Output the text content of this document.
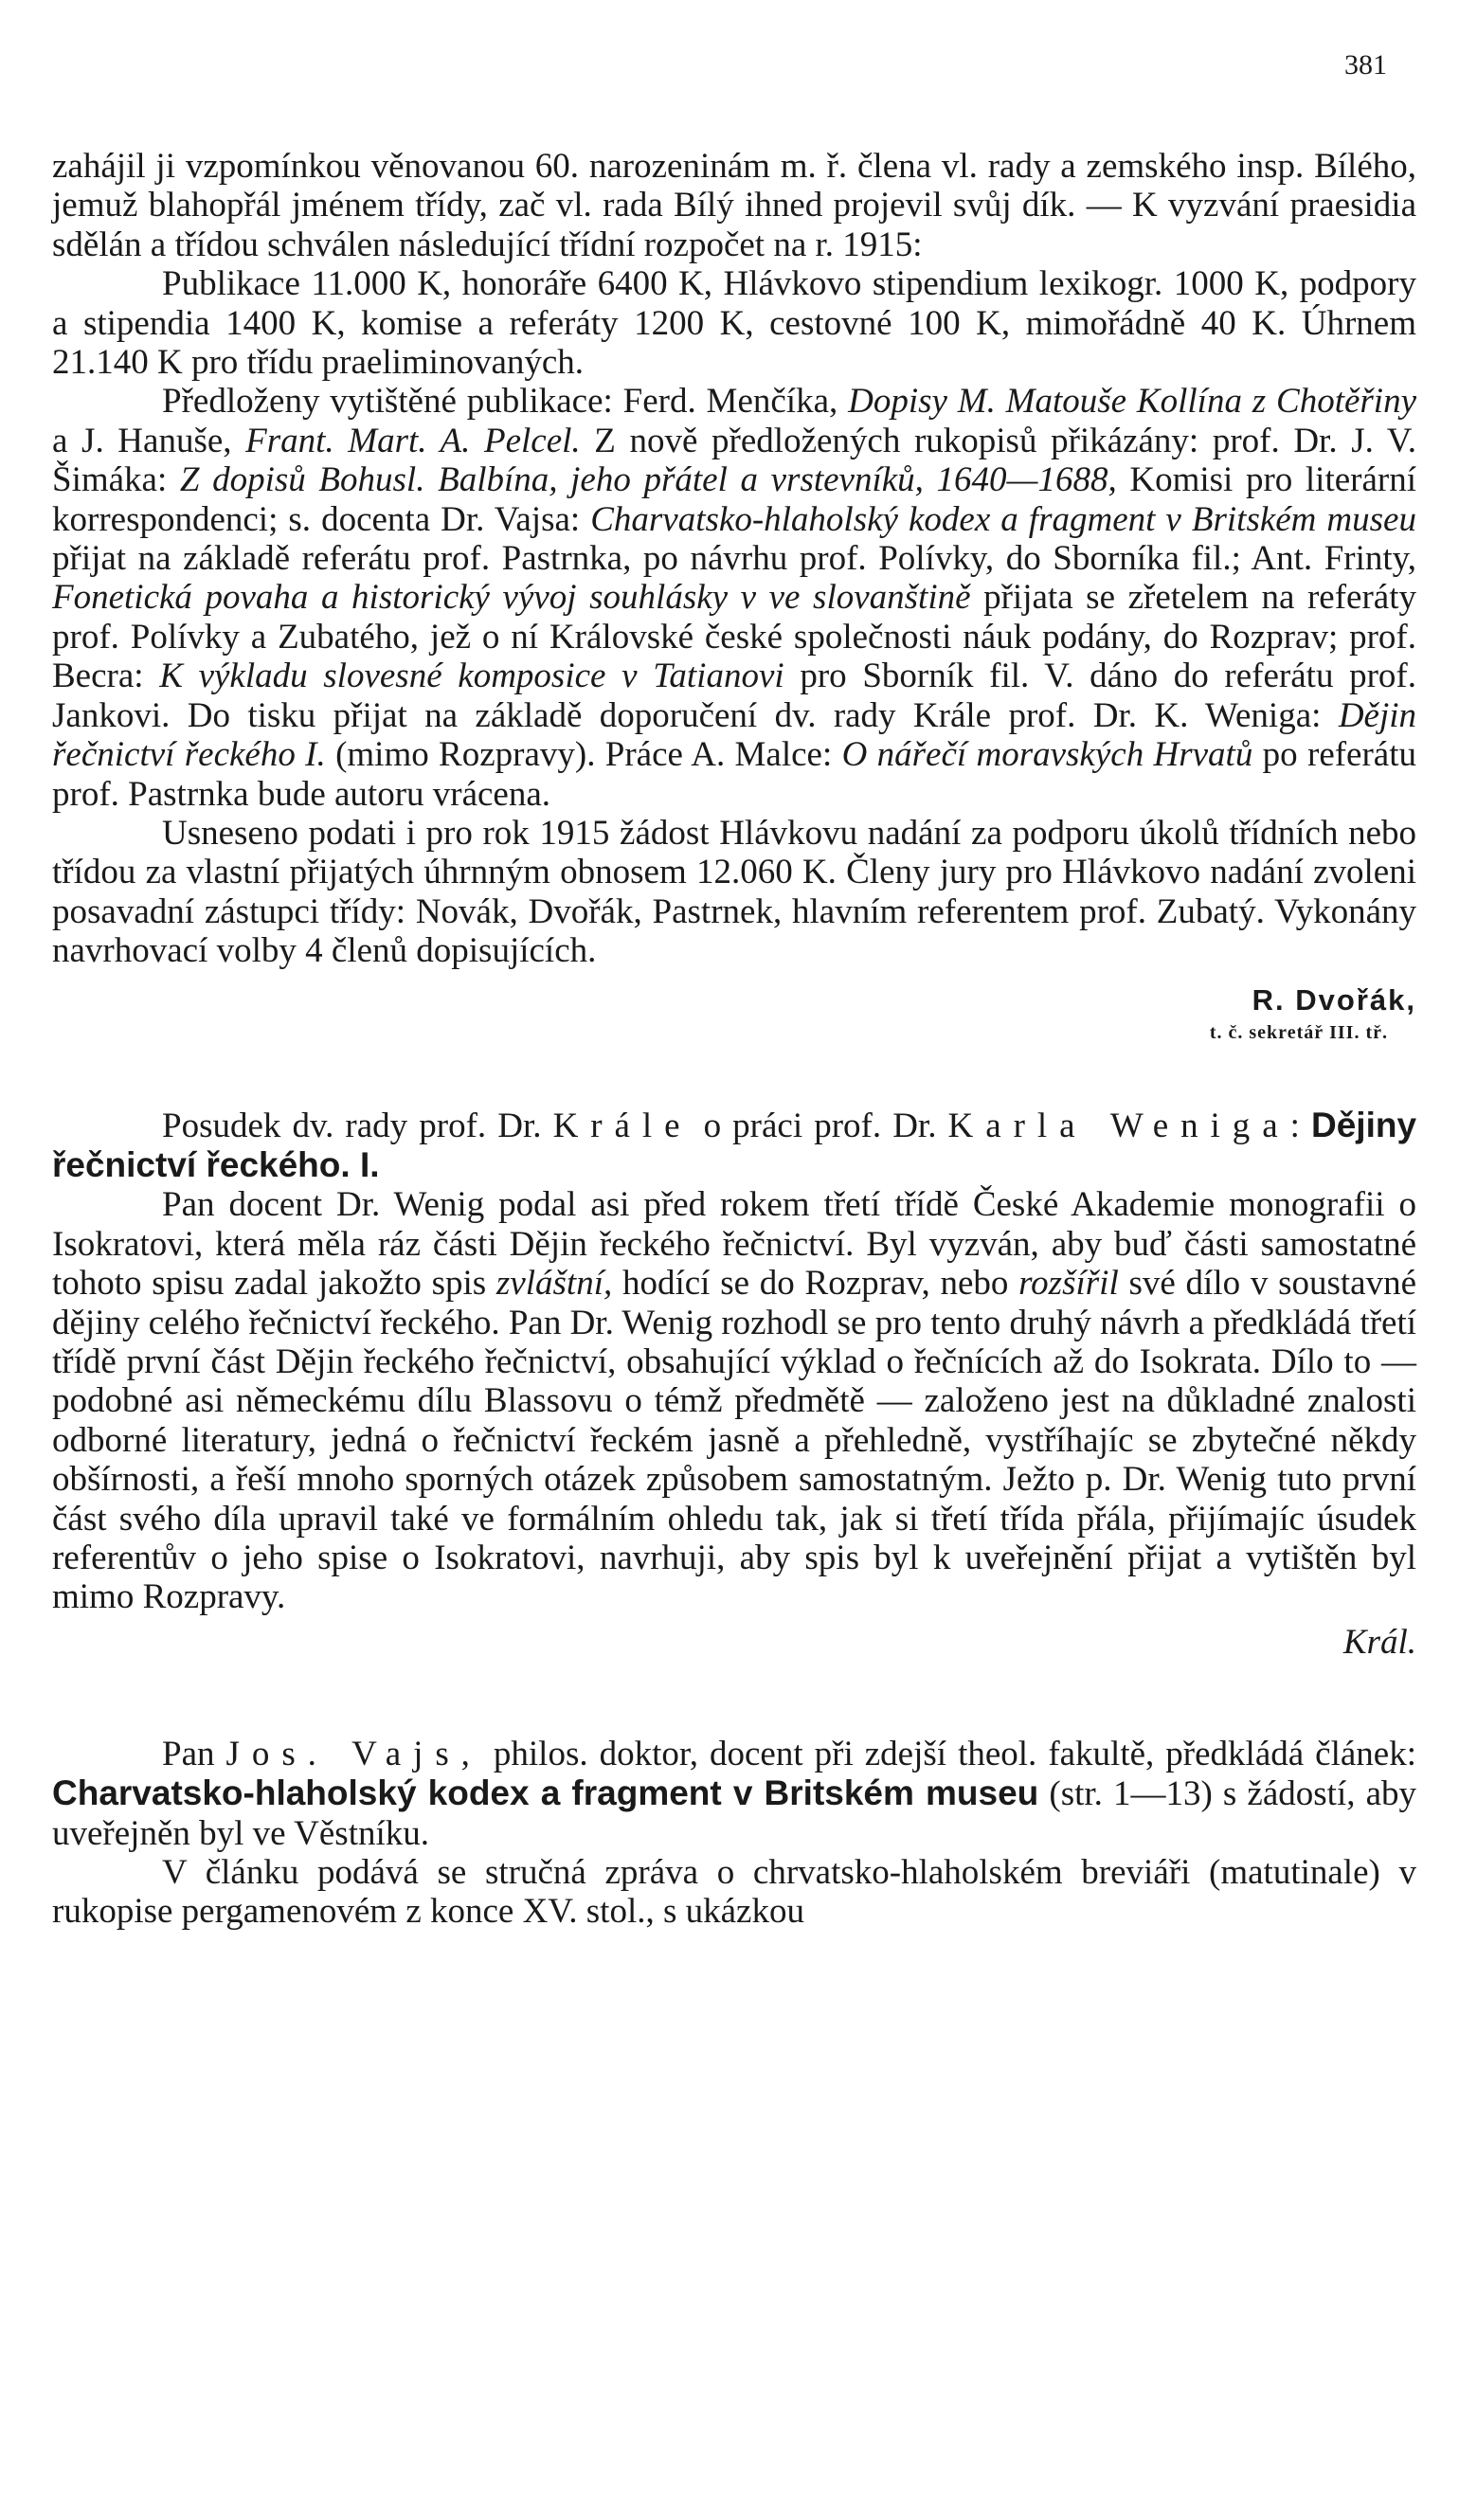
381

zahájil ji vzpomínkou věnovanou 60. narozeninám m. ř. člena vl. rady a zemského insp. Bílého, jemuž blahopřál jménem třídy, zač vl. rada Bílý ihned projevil svůj dík. — K vyzvání praesidia sdělán a třídou schválen následující třídní rozpočet na r. 1915:

Publikace 11.000 K, honoráře 6400 K, Hlávkovo stipendium lexikogr. 1000 K, podpory a stipendia 1400 K, komise a referáty 1200 K, cestovné 100 K, mimořádně 40 K. Úhrnem 21.140 K pro třídu praeliminovaných.

Předloženy vytištěné publikace: Ferd. Menčíka, Dopisy M. Matouše Kollína z Chotěřiny a J. Hanuše, Frant. Mart. A. Pelcel. Z nově předložených rukopisů přikázány: prof. Dr. J. V. Šimáka: Z dopisů Bohusl. Balbína, jeho přátel a vrstevníků, 1640—1688, Komisi pro literární korrespondenci; s. docenta Dr. Vajsa: Charvatsko-hlaholský kodex a fragment v Britském museu přijat na základě referátu prof. Pastrnka, po návrhu prof. Polívky, do Sborníka fil.; Ant. Frinty, Fonetická povaha a historický vývoj souhlásky v ve slovanštině přijata se zřetelem na referáty prof. Polívky a Zubatého, jež o ní Královské české společnosti náuk podány, do Rozprav; prof. Becra: K výkladu slovesné komposice v Tatianovi pro Sborník fil. V. dáno do referátu prof. Jankovi. Do tisku přijat na základě doporučení dv. rady Krále prof. Dr. K. Weniga: Dějin řečnictví řeckého I. (mimo Rozpravy). Práce A. Malce: O nářečí moravských Hrvatů po referátu prof. Pastrnka bude autoru vrácena.

Usneseno podati i pro rok 1915 žádost Hlávkovu nadání za podporu úkolů třídních nebo třídou za vlastní přijatých úhrnným obnosem 12.060 K. Členy jury pro Hlávkovo nadání zvoleni posavadní zástupci třídy: Novák, Dvořák, Pastrnek, hlavním referentem prof. Zubatý. Vykonány navrhovací volby 4 členů dopisujících.

R. Dvořák,
t. č. sekretář III. tř.

Posudek dv. rady prof. Dr. Krále o práci prof. Dr. Karla Weniga: Dějiny řečnictví řeckého. I.

Pan docent Dr. Wenig podal asi před rokem třetí třídě České Akademie monografii o Isokratovi, která měla ráz části Dějin řeckého řečnictví. Byl vyzván, aby buď části samostatné tohoto spisu zadal jakožto spis zvláštní, hodící se do Rozprav, nebo rozšířil své dílo v soustavné dějiny celého řečnictví řeckého. Pan Dr. Wenig rozhodl se pro tento druhý návrh a předkládá třetí třídě první část Dějin řeckého řečnictví, obsahující výklad o řečnících až do Isokrata. Dílo to — podobné asi německému dílu Blassovu o témž předmětě — založeno jest na důkladné znalosti odborné literatury, jedná o řečnictví řeckém jasně a přehledně, vystříhajíc se zbytečné někdy obšírnosti, a řeší mnoho sporných otázek způsobem samostatným. Ježto p. Dr. Wenig tuto první část svého díla upravil také ve formálním ohledu tak, jak si třetí třída přála, přijímajíc úsudek referentův o jeho spise o Isokratovi, navrhuji, aby spis byl k uveřejnění přijat a vytištěn byl mimo Rozpravy.

Král.

Pan Jos. Vajs, philos. doktor, docent při zdejší theol. fakultě, předkládá článek: Charvatsko-hlaholský kodex a fragment v Britském museu (str. 1—13) s žádostí, aby uveřejněn byl ve Věstníku.

V článku podává se stručná zpráva o chrvatsko-hlaholském breviáři (matutinale) v rukopise pergamenovém z konce XV. stol., s ukázkou
